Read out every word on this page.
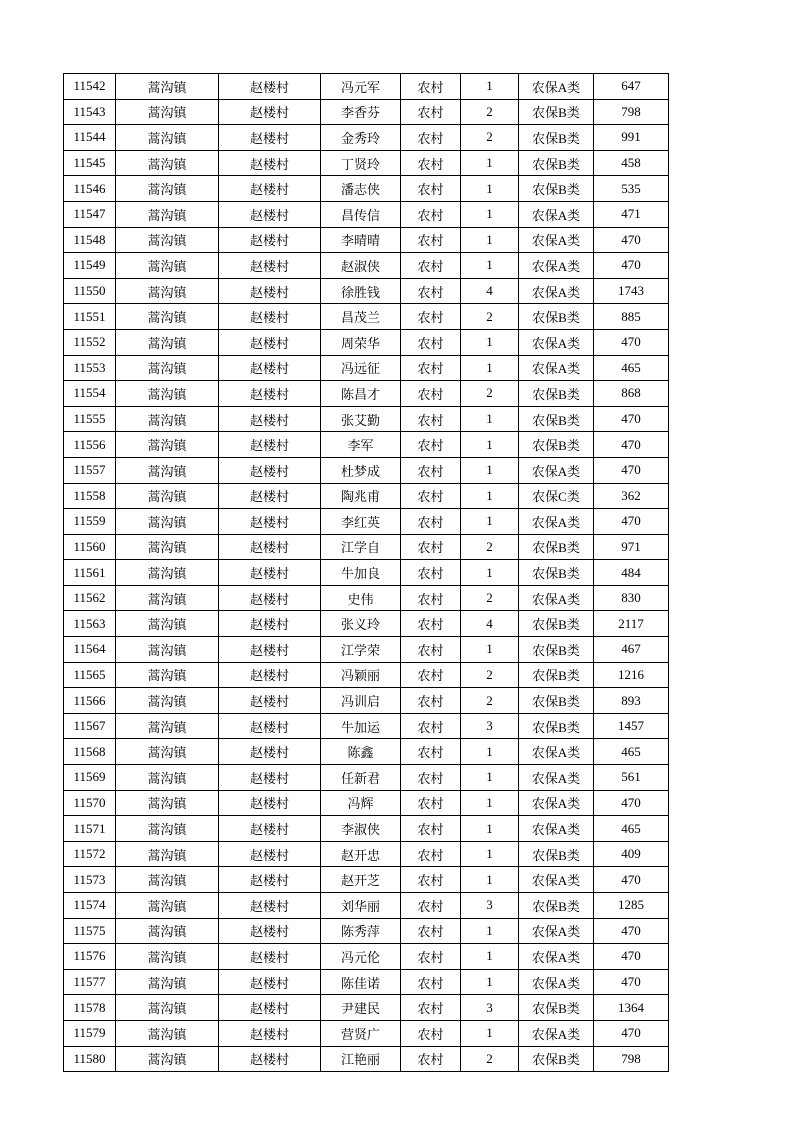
11542	蒿沟镇	赵楼村	冯元军	农村	1	农保A类	647
11543	蒿沟镇	赵楼村	李香芬	农村	2	农保B类	798
11544	蒿沟镇	赵楼村	金秀玲	农村	2	农保B类	991
11545	蒿沟镇	赵楼村	丁贤玲	农村	1	农保B类	458
11546	蒿沟镇	赵楼村	潘志侠	农村	1	农保B类	535
11547	蒿沟镇	赵楼村	昌传信	农村	1	农保A类	471
11548	蒿沟镇	赵楼村	李晴晴	农村	1	农保A类	470
11549	蒿沟镇	赵楼村	赵淑侠	农村	1	农保A类	470
11550	蒿沟镇	赵楼村	徐胜钱	农村	4	农保A类	1743
11551	蒿沟镇	赵楼村	昌茂兰	农村	2	农保B类	885
11552	蒿沟镇	赵楼村	周荣华	农村	1	农保A类	470
11553	蒿沟镇	赵楼村	冯远征	农村	1	农保A类	465
11554	蒿沟镇	赵楼村	陈昌才	农村	2	农保B类	868
11555	蒿沟镇	赵楼村	张艾勤	农村	1	农保B类	470
11556	蒿沟镇	赵楼村	李军	农村	1	农保B类	470
11557	蒿沟镇	赵楼村	杜梦成	农村	1	农保A类	470
11558	蒿沟镇	赵楼村	陶兆甫	农村	1	农保C类	362
11559	蒿沟镇	赵楼村	李红英	农村	1	农保A类	470
11560	蒿沟镇	赵楼村	江学自	农村	2	农保B类	971
11561	蒿沟镇	赵楼村	牛加良	农村	1	农保B类	484
11562	蒿沟镇	赵楼村	史伟	农村	2	农保A类	830
11563	蒿沟镇	赵楼村	张义玲	农村	4	农保B类	2117
11564	蒿沟镇	赵楼村	江学荣	农村	1	农保B类	467
11565	蒿沟镇	赵楼村	冯颖丽	农村	2	农保B类	1216
11566	蒿沟镇	赵楼村	冯训启	农村	2	农保B类	893
11567	蒿沟镇	赵楼村	牛加运	农村	3	农保B类	1457
11568	蒿沟镇	赵楼村	陈鑫	农村	1	农保A类	465
11569	蒿沟镇	赵楼村	任新君	农村	1	农保A类	561
11570	蒿沟镇	赵楼村	冯辉	农村	1	农保A类	470
11571	蒿沟镇	赵楼村	李淑侠	农村	1	农保A类	465
11572	蒿沟镇	赵楼村	赵开忠	农村	1	农保B类	409
11573	蒿沟镇	赵楼村	赵开芝	农村	1	农保A类	470
11574	蒿沟镇	赵楼村	刘华丽	农村	3	农保B类	1285
11575	蒿沟镇	赵楼村	陈秀萍	农村	1	农保A类	470
11576	蒿沟镇	赵楼村	冯元伦	农村	1	农保A类	470
11577	蒿沟镇	赵楼村	陈佳诺	农村	1	农保A类	470
11578	蒿沟镇	赵楼村	尹建民	农村	3	农保B类	1364
11579	蒿沟镇	赵楼村	营贤广	农村	1	农保A类	470
11580	蒿沟镇	赵楼村	江艳丽	农村	2	农保B类	798
